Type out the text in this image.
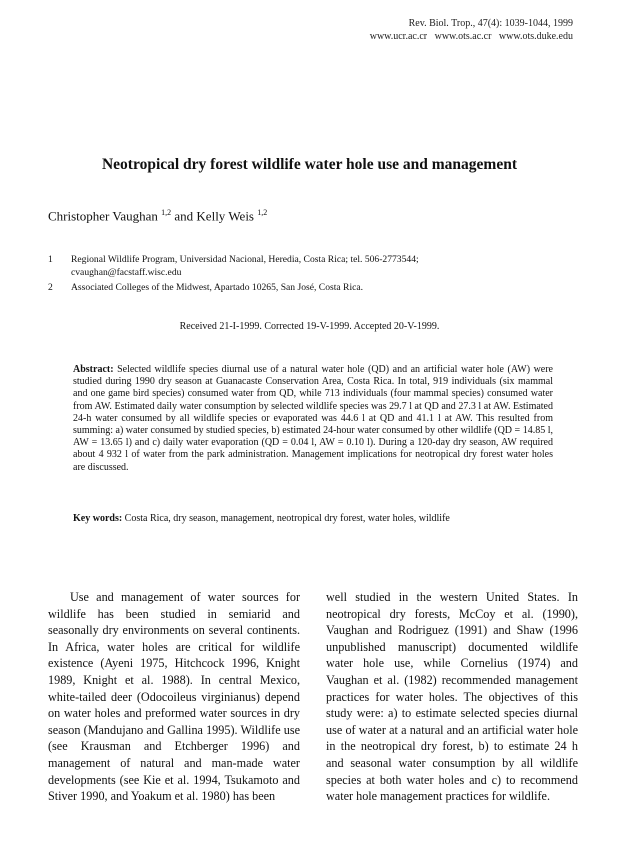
Rev. Biol. Trop., 47(4): 1039-1044, 1999
www.ucr.ac.cr www.ots.ac.cr www.ots.duke.edu
Neotropical dry forest wildlife water hole use and management
Christopher Vaughan $^{1,2}$ and Kelly Weis $^{1,2}$
1 Regional Wildlife Program, Universidad Nacional, Heredia, Costa Rica; tel. 506-2773544; cvaughan@facstaff.wisc.edu
2 Associated Colleges of the Midwest, Apartado 10265, San José, Costa Rica.
Received 21-I-1999. Corrected 19-V-1999. Accepted 20-V-1999.
Abstract: Selected wildlife species diurnal use of a natural water hole (QD) and an artificial water hole (AW) were studied during 1990 dry season at Guanacaste Conservation Area, Costa Rica. In total, 919 individuals (six mammal and one game bird species) consumed water from QD, while 713 individuals (four mammal species) consumed water from AW. Estimated daily water consumption by selected wildlife species was 29.7 l at QD and 27.3 l at AW. Estimated 24-h water consumed by all wildlife species or evaporated was 44.6 l at QD and 41.1 l at AW. This resulted from summing: a) water consumed by studied species, b) estimated 24-hour water consumed by other wildlife (QD = 14.85 l, AW = 13.65 l) and c) daily water evaporation (QD = 0.04 l, AW = 0.10 l). During a 120-day dry season, AW required about 4 932 l of water from the park administration. Management implications for neotropical dry forest water holes are discussed.
Key words: Costa Rica, dry season, management, neotropical dry forest, water holes, wildlife
Use and management of water sources for wildlife has been studied in semiarid and seasonally dry environments on several continents. In Africa, water holes are critical for wildlife existence (Ayeni 1975, Hitchcock 1996, Knight 1989, Knight et al. 1988). In central Mexico, white-tailed deer (Odocoileus virginianus) depend on water holes and preformed water sources in dry season (Mandujano and Gallina 1995). Wildlife use (see Krausman and Etchberger 1996) and management of natural and man-made water developments (see Kie et al. 1994, Tsukamoto and Stiver 1990, and Yoakum et al. 1980) has been
well studied in the western United States. In neotropical dry forests, McCoy et al. (1990), Vaughan and Rodriguez (1991) and Shaw (1996 unpublished manuscript) documented wildlife water hole use, while Cornelius (1974) and Vaughan et al. (1982) recommended management practices for water holes. The objectives of this study were: a) to estimate selected species diurnal use of water at a natural and an artificial water hole in the neotropical dry forest, b) to estimate 24 h and seasonal water consumption by all wildlife species at both water holes and c) to recommend water hole management practices for wildlife.
